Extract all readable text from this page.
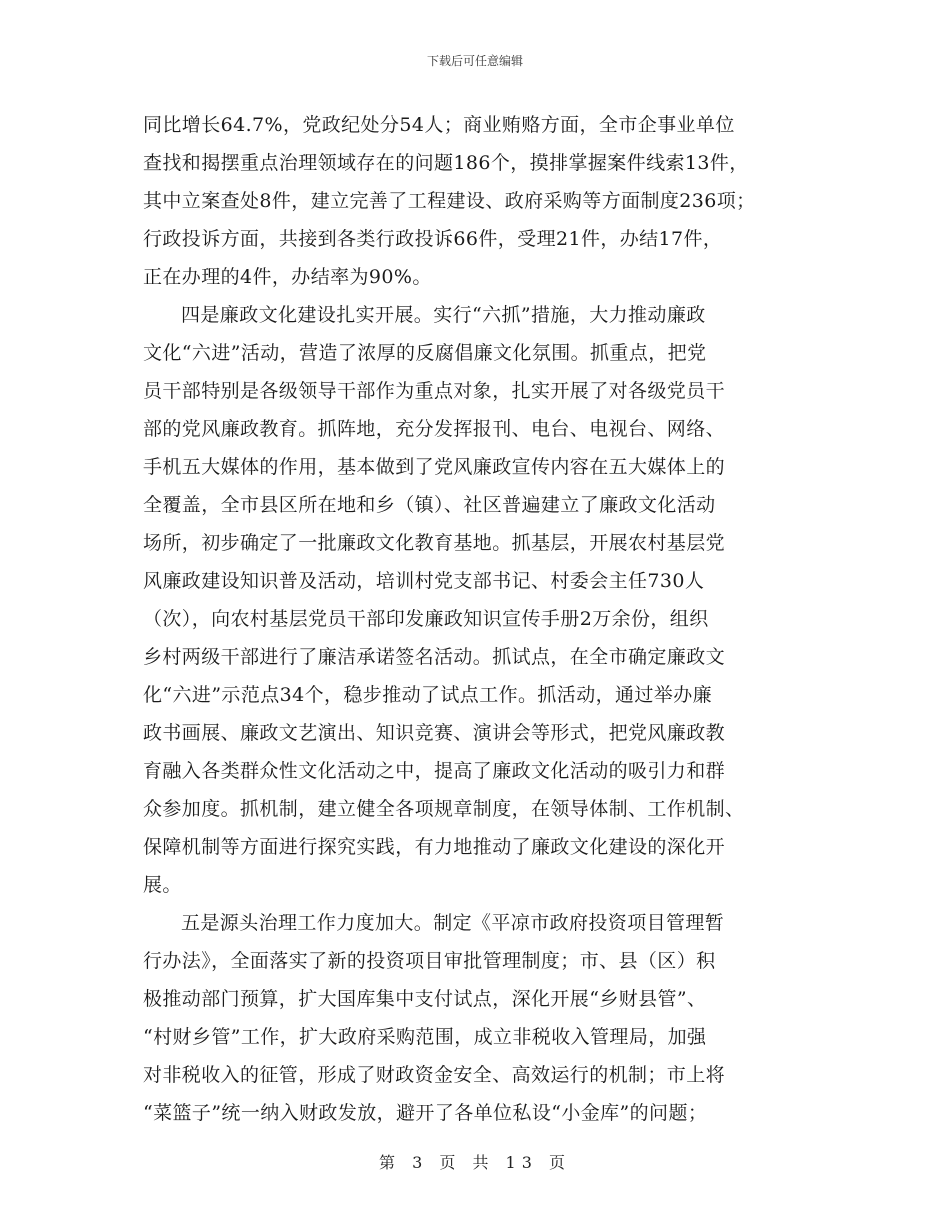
下载后可任意编辑
同比增长64.7%，党政纪处分54人；商业贿赂方面，全市企事业单位
查找和揭摆重点治理领域存在的问题186个，摸排掌握案件线索13件，
其中立案查处8件，建立完善了工程建设、政府采购等方面制度236项；
行政投诉方面，共接到各类行政投诉66件，受理21件，办结17件，
正在办理的4件，办结率为90%。
四是廉政文化建设扎实开展。实行“六抓”措施，大力推动廉政
文化“六进”活动，营造了浓厚的反腐倡廉文化氛围。抓重点，把党
员干部特别是各级领导干部作为重点对象，扎实开展了对各级党员干
部的党风廉政教育。抓阵地，充分发挥报刊、电台、电视台、网络、
手机五大媒体的作用，基本做到了党风廉政宣传内容在五大媒体上的
全覆盖，全市县区所在地和乡（镇）、社区普遍建立了廉政文化活动
场所，初步确定了一批廉政文化教育基地。抓基层，开展农村基层党
风廉政建设知识普及活动，培训村党支部书记、村委会主任730人
（次），向农村基层党员干部印发廉政知识宣传手册2万余份，组织
乡村两级干部进行了廉洁承诺签名活动。抓试点，在全市确定廉政文
化“六进”示范点34个，稳步推动了试点工作。抓活动，通过举办廉
政书画展、廉政文艺演出、知识竞赛、演讲会等形式，把党风廉政教
育融入各类群众性文化活动之中，提高了廉政文化活动的吸引力和群
众参加度。抓机制，建立健全各项规章制度，在领导体制、工作机制、
保障机制等方面进行探究实践，有力地推动了廉政文化建设的深化开
展。
五是源头治理工作力度加大。制定《平凉市政府投资项目管理暂
行办法》，全面落实了新的投资项目审批管理制度；市、县（区）积
极推动部门预算，扩大国库集中支付试点，深化开展“乡财县管”、
“村财乡管”工作，扩大政府采购范围，成立非税收入管理局，加强
对非税收入的征管，形成了财政资金安全、高效运行的机制；市上将
“菜篮子”统一纳入财政发放，避开了各单位私设“小金库”的问题；
第 3 页 共 13 页
